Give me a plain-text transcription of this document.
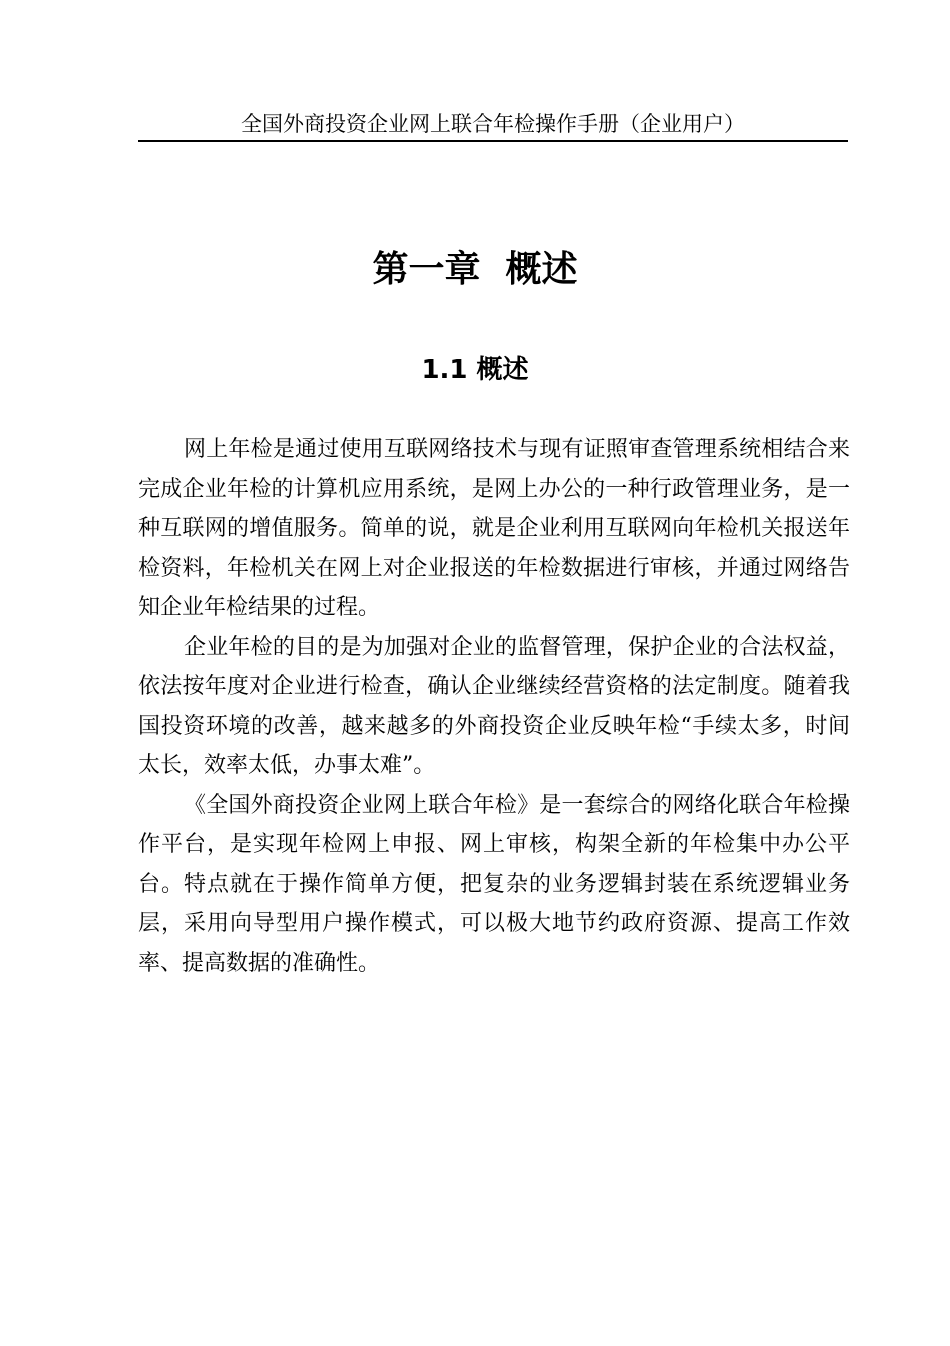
全国外商投资企业网上联合年检操作手册（企业用户）
第一章  概述
1.1 概述

网上年检是通过使用互联网络技术与现有证照审查管理系统相结合来完成企业年检的计算机应用系统，是网上办公的一种行政管理业务，是一种互联网的增值服务。简单的说，就是企业利用互联网向年检机关报送年检资料，年检机关在网上对企业报送的年检数据进行审核，并通过网络告知企业年检结果的过程。

企业年检的目的是为加强对企业的监督管理，保护企业的合法权益，依法按年度对企业进行检查，确认企业继续经营资格的法定制度。随着我国投资环境的改善，越来越多的外商投资企业反映年检“手续太多，时间太长，效率太低，办事太难”。

《全国外商投资企业网上联合年检》是一套综合的网络化联合年检操作平台，是实现年检网上申报、网上审核，构架全新的年检集中办公平台。特点就在于操作简单方便，把复杂的业务逻辑封装在系统逻辑业务层，采用向导型用户操作模式，可以极大地节约政府资源、提高工作效率、提高数据的准确性。
